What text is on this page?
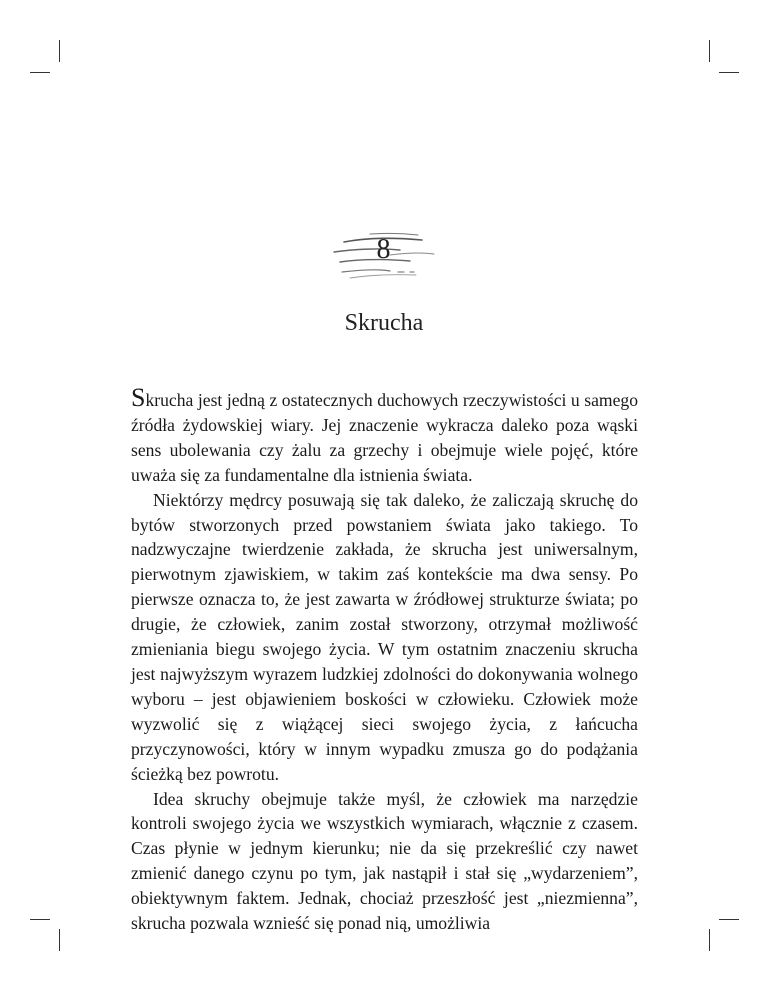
8
Skrucha

Skrucha jest jedną z ostatecznych duchowych rzeczywistości u samego źródła żydowskiej wiary. Jej znaczenie wykracza daleko poza wąski sens ubolewania czy żalu za grzechy i obejmuje wiele pojęć, które uważa się za fundamentalne dla istnienia świata.

Niektórzy mędrcy posuwają się tak daleko, że zaliczają skruchę do bytów stworzonych przed powstaniem świata jako takiego. To nadzwyczajne twierdzenie zakłada, że skrucha jest uniwersalnym, pierwotnym zjawiskiem, w takim zaś kontekście ma dwa sensy. Po pierwsze oznacza to, że jest zawarta w źródłowej strukturze świata; po drugie, że człowiek, zanim został stworzony, otrzymał możliwość zmieniania biegu swojego życia. W tym ostatnim znaczeniu skrucha jest najwyższym wyrazem ludzkiej zdolności do dokonywania wolnego wyboru – jest objawieniem boskości w człowieku. Człowiek może wyzwolić się z wiążącej sieci swojego życia, z łańcucha przyczynowości, który w innym wypadku zmusza go do podążania ścieżką bez powrotu.

Idea skruchy obejmuje także myśl, że człowiek ma narzędzie kontroli swojego życia we wszystkich wymiarach, włącznie z czasem. Czas płynie w jednym kierunku; nie da się przekreślić czy nawet zmienić danego czynu po tym, jak nastąpił i stał się „wydarzeniem”, obiektywnym faktem. Jednak, chociaż przeszłość jest „niezmienna”, skrucha pozwala wznieść się ponad nią, umożliwia
